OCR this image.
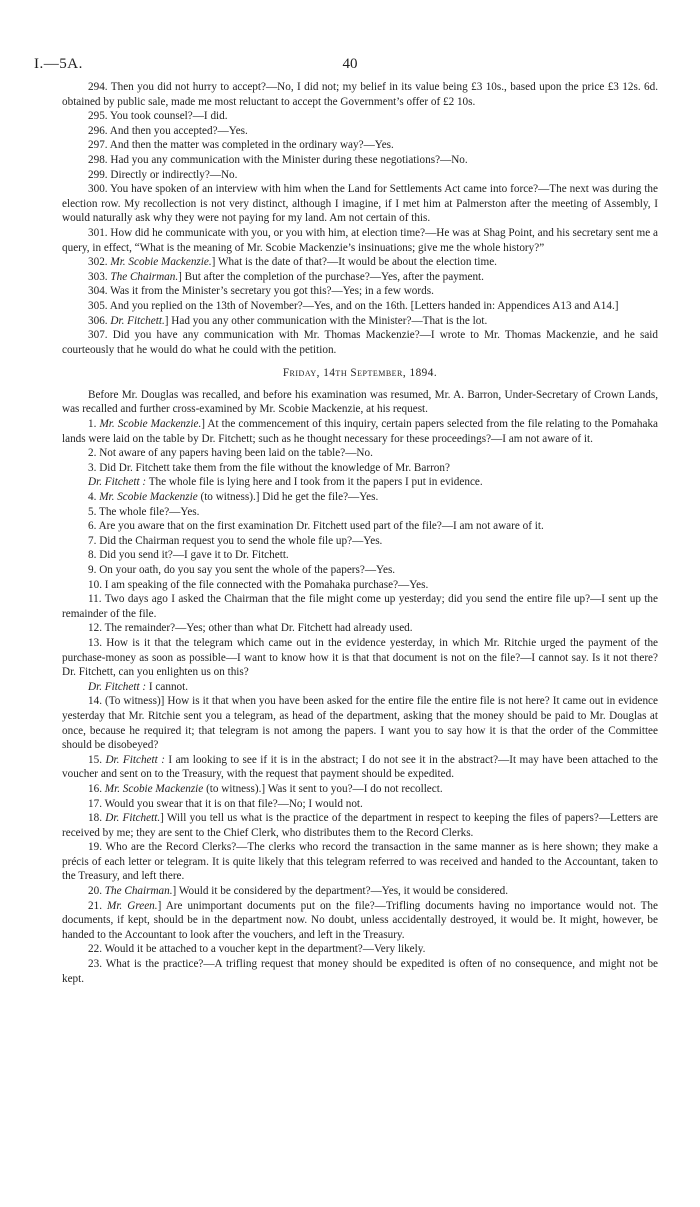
I.—5A.	40

294. Then you did not hurry to accept?—No, I did not; my belief in its value being £3 10s., based upon the price £3 12s. 6d. obtained by public sale, made me most reluctant to accept the Government’s offer of £2 10s.

295. You took counsel?—I did.

296. And then you accepted?—Yes.

297. And then the matter was completed in the ordinary way?—Yes.

298. Had you any communication with the Minister during these negotiations?—No.

299. Directly or indirectly?—No.

300. You have spoken of an interview with him when the Land for Settlements Act came into force?—The next was during the election row. My recollection is not very distinct, although I imagine, if I met him at Palmerston after the meeting of Assembly, I would naturally ask why they were not paying for my land. Am not certain of this.

301. How did he communicate with you, or you with him, at election time?—He was at Shag Point, and his secretary sent me a query, in effect, “What is the meaning of Mr. Scobie Mackenzie’s insinuations; give me the whole history?”

302. Mr. Scobie Mackenzie.] What is the date of that?—It would be about the election time.

303. The Chairman.] But after the completion of the purchase?—Yes, after the payment.

304. Was it from the Minister’s secretary you got this?—Yes; in a few words.

305. And you replied on the 13th of November?—Yes, and on the 16th. [Letters handed in: Appendices A13 and A14.]

306. Dr. Fitchett.] Had you any other communication with the Minister?—That is the lot.

307. Did you have any communication with Mr. Thomas Mackenzie?—I wrote to Mr. Thomas Mackenzie, and he said courteously that he would do what he could with the petition.

Friday, 14th September, 1894.

Before Mr. Douglas was recalled, and before his examination was resumed, Mr. A. Barron, Under-Secretary of Crown Lands, was recalled and further cross-examined by Mr. Scobie Mackenzie, at his request.

1. Mr. Scobie Mackenzie.] At the commencement of this inquiry, certain papers selected from the file relating to the Pomahaka lands were laid on the table by Dr. Fitchett; such as he thought necessary for these proceedings?—I am not aware of it.

2. Not aware of any papers having been laid on the table?—No.

3. Did Dr. Fitchett take them from the file without the knowledge of Mr. Barron?

Dr. Fitchett : The whole file is lying here and I took from it the papers I put in evidence.

4. Mr. Scobie Mackenzie (to witness).] Did he get the file?—Yes.

5. The whole file?—Yes.

6. Are you aware that on the first examination Dr. Fitchett used part of the file?—I am not aware of it.

7. Did the Chairman request you to send the whole file up?—Yes.

8. Did you send it?—I gave it to Dr. Fitchett.

9. On your oath, do you say you sent the whole of the papers?—Yes.

10. I am speaking of the file connected with the Pomahaka purchase?—Yes.

11. Two days ago I asked the Chairman that the file might come up yesterday; did you send the entire file up?—I sent up the remainder of the file.

12. The remainder?—Yes; other than what Dr. Fitchett had already used.

13. How is it that the telegram which came out in the evidence yesterday, in which Mr. Ritchie urged the payment of the purchase-money as soon as possible—I want to know how it is that that document is not on the file?—I cannot say. Is it not there? Dr. Fitchett, can you enlighten us on this?

Dr. Fitchett : I cannot.

14. (To witness)] How is it that when you have been asked for the entire file the entire file is not here? It came out in evidence yesterday that Mr. Ritchie sent you a telegram, as head of the department, asking that the money should be paid to Mr. Douglas at once, because he required it; that telegram is not among the papers. I want you to say how it is that the order of the Committee should be disobeyed?

15. Dr. Fitchett : I am looking to see if it is in the abstract; I do not see it in the abstract?—It may have been attached to the voucher and sent on to the Treasury, with the request that payment should be expedited.

16. Mr. Scobie Mackenzie (to witness).] Was it sent to you?—I do not recollect.

17. Would you swear that it is on that file?—No; I would not.

18. Dr. Fitchett.] Will you tell us what is the practice of the department in respect to keeping the files of papers?—Letters are received by me; they are sent to the Chief Clerk, who distributes them to the Record Clerks.

19. Who are the Record Clerks?—The clerks who record the transaction in the same manner as is here shown; they make a précis of each letter or telegram. It is quite likely that this telegram referred to was received and handed to the Accountant, taken to the Treasury, and left there.

20. The Chairman.] Would it be considered by the department?—Yes, it would be considered.

21. Mr. Green.] Are unimportant documents put on the file?—Trifling documents having no importance would not. The documents, if kept, should be in the department now. No doubt, unless accidentally destroyed, it would be. It might, however, be handed to the Accountant to look after the vouchers, and left in the Treasury.

22. Would it be attached to a voucher kept in the department?—Very likely.

23. What is the practice?—A trifling request that money should be expedited is often of no consequence, and might not be kept.
